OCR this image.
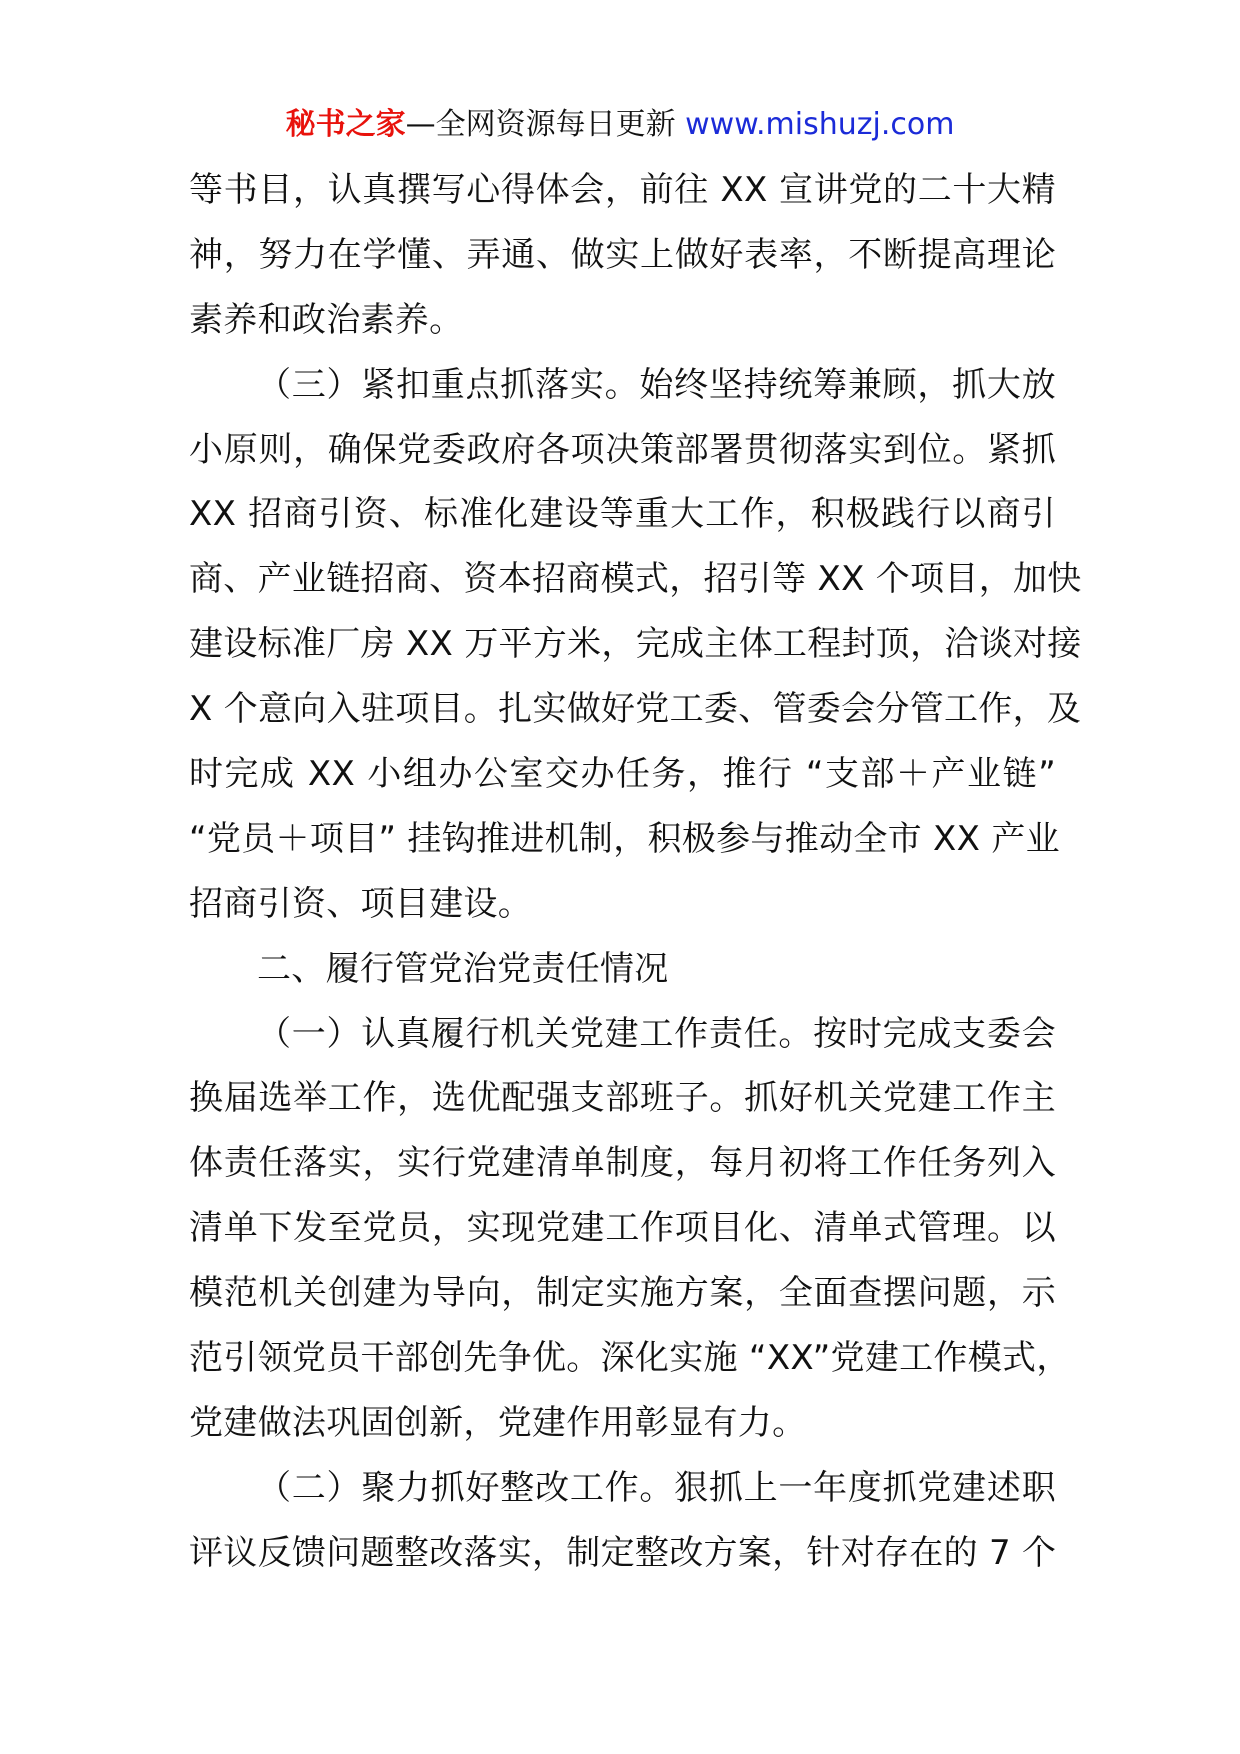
秘书之家—全网资源每日更新 www.mishuzj.com
等书目，认真撰写心得体会，前往 XX 宣讲党的二十大精
神，努力在学懂、弄通、做实上做好表率，不断提高理论
素养和政治素养。
（三）紧扣重点抓落实。始终坚持统筹兼顾，抓大放
小原则，确保党委政府各项决策部署贯彻落实到位。紧抓
XX 招商引资、标准化建设等重大工作，积极践行以商引
商、产业链招商、资本招商模式，招引等 XX 个项目，加快
建设标准厂房 XX 万平方米，完成主体工程封顶，洽谈对接
X 个意向入驻项目。扎实做好党工委、管委会分管工作，及
时完成 XX 小组办公室交办任务，推行 “支部＋产业链”
“党员＋项目” 挂钩推进机制，积极参与推动全市 XX 产业
招商引资、项目建设。
二、履行管党治党责任情况
（一）认真履行机关党建工作责任。按时完成支委会
换届选举工作，选优配强支部班子。抓好机关党建工作主
体责任落实，实行党建清单制度，每月初将工作任务列入
清单下发至党员，实现党建工作项目化、清单式管理。以
模范机关创建为导向，制定实施方案，全面查摆问题，示
范引领党员干部创先争优。深化实施 “XX”党建工作模式，
党建做法巩固创新，党建作用彰显有力。
（二）聚力抓好整改工作。狠抓上一年度抓党建述职
评议反馈问题整改落实，制定整改方案，针对存在的 7 个
